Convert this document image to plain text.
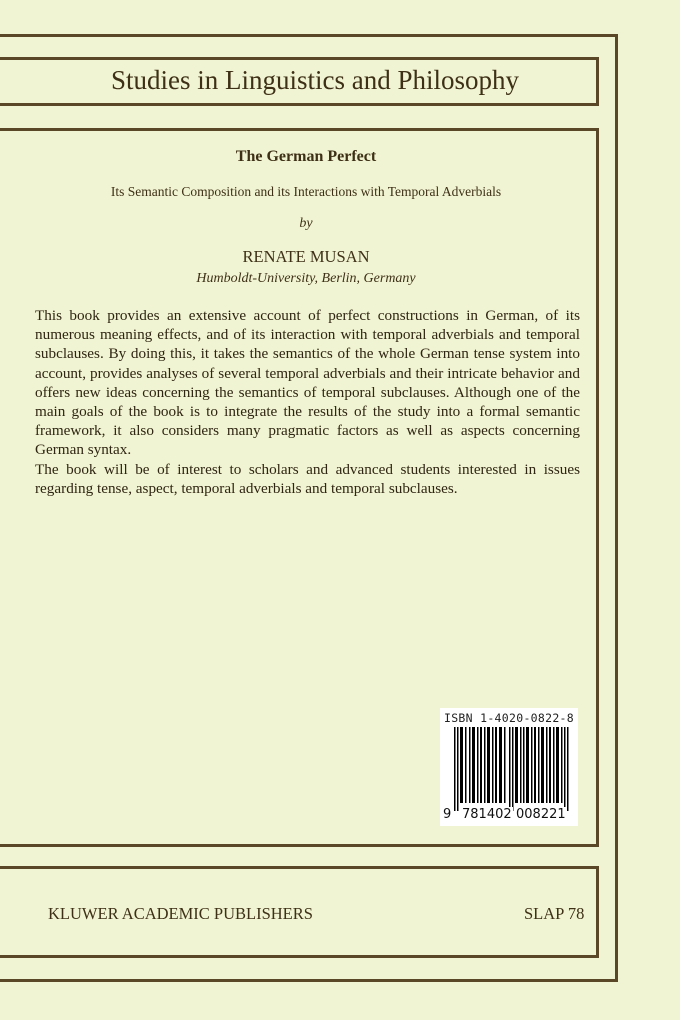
Studies in Linguistics and Philosophy
The German Perfect
Its Semantic Composition and its Interactions with Temporal Adverbials
by
RENATE MUSAN
Humboldt-University, Berlin, Germany

This book provides an extensive account of perfect constructions in German, of its numerous meaning effects, and of its interaction with temporal adverbials and temporal subclauses. By doing this, it takes the semantics of the whole German tense system into account, provides analyses of several temporal adverbials and their intricate behavior and offers new ideas concerning the semantics of temporal subclauses. Although one of the main goals of the book is to integrate the results of the study into a formal semantic framework, it also considers many pragmatic factors as well as aspects concerning German syntax.

The book will be of interest to scholars and advanced students interested in issues regarding tense, aspect, temporal adverbials and temporal subclauses.

ISBN 1-4020-0822-8
9 781402 008221
KLUWER ACADEMIC PUBLISHERS	SLAP 78
